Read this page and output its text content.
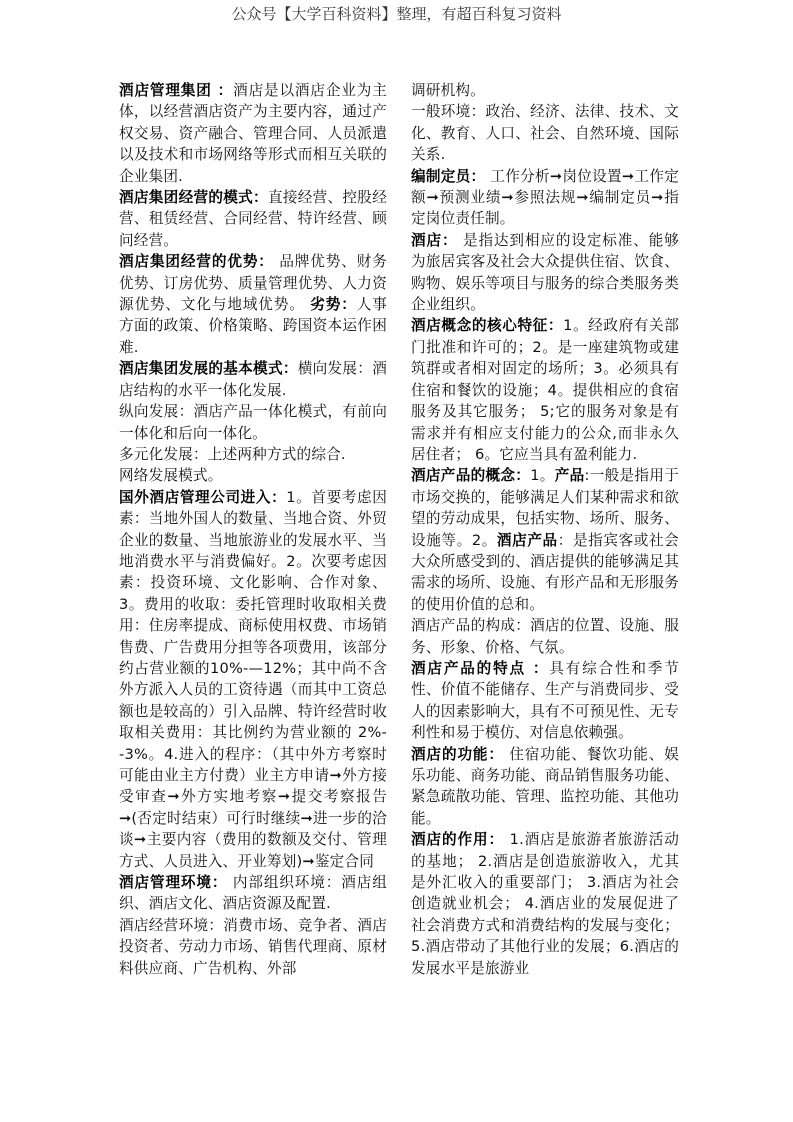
公众号【大学百科资料】整理，有超百科复习资料

酒店管理集团 ：酒店是以酒店企业为主体，以经营酒店资产为主要内容，通过产权交易、资产融合、管理合同、人员派遣以及技术和市场网络等形式而相互关联的企业集团.

酒店集团经营的模式：直接经营、控股经营、租赁经营、合同经营、特许经营、顾问经营。

酒店集团经营的优势： 品牌优势、财务优势、订房优势、质量管理优势、人力资源优势、文化与地域优势。 劣势：人事方面的政策、价格策略、跨国资本运作困难.

酒店集团发展的基本模式：横向发展：酒店结构的水平一体化发展.

纵向发展：酒店产品一体化模式，有前向一体化和后向一体化。

多元化发展：上述两种方式的综合.

网络发展模式。

国外酒店管理公司进入：1。首要考虑因素：当地外国人的数量、当地合资、外贸企业的数量、当地旅游业的发展水平、当地消费水平与消费偏好。2。次要考虑因素：投资环境、文化影响、合作对象、3。费用的收取：委托管理时收取相关费用：住房率提成、商标使用权费、市场销售费、广告费用分担等各项费用，该部分约占营业额的10%-—12%；其中尚不含外方派入人员的工资待遇（而其中工资总额也是较高的）引入品牌、特许经营时收取相关费用：其比例约为营业额的 2%--3%。4.进入的程序：（其中外方考察时可能由业主方付费）业主方申请➞外方接受审查➞外方实地考察➞提交考察报告➞(否定时结束）可行时继续➞进一步的洽谈➞主要内容（费用的数额及交付、管理方式、人员进入、开业筹划)➞鉴定合同

酒店管理环境： 内部组织环境：酒店组织、酒店文化、酒店资源及配置.

酒店经营环境：消费市场、竞争者、酒店投资者、劳动力市场、销售代理商、原材料供应商、广告机构、外部

调研机构。

一般环境：政治、经济、法律、技术、文化、教育、人口、社会、自然环境、国际关系.

编制定员： 工作分析➞岗位设置➞工作定额➞预测业绩➞参照法规➞编制定员➞指定岗位责任制。

酒店： 是指达到相应的设定标准、能够为旅居宾客及社会大众提供住宿、饮食、购物、娱乐等项目与服务的综合类服务类企业组织。

酒店概念的核心特征：1。经政府有关部门批准和许可的；2。是一座建筑物或建筑群或者相对固定的场所；3。必须具有住宿和餐饮的设施；4。提供相应的食宿服务及其它服务； 5;它的服务对象是有需求并有相应支付能力的公众,而非永久居住者； 6。它应当具有盈利能力.

酒店产品的概念：1。产品:一般是指用于市场交换的，能够满足人们某种需求和欲望的劳动成果，包括实物、场所、服务、设施等。2。酒店产品：是指宾客或社会大众所感受到的、酒店提供的能够满足其需求的场所、设施、有形产品和无形服务的使用价值的总和。

酒店产品的构成：酒店的位置、设施、服务、形象、价格、气氛。

酒店产品的特点 ：具有综合性和季节性、价值不能储存、生产与消费同步、受人的因素影响大，具有不可预见性、无专利性和易于模仿、对信息依赖强。

酒店的功能： 住宿功能、餐饮功能、娱乐功能、商务功能、商品销售服务功能、紧急疏散功能、管理、监控功能、其他功能。

酒店的作用： 1.酒店是旅游者旅游活动的基地； 2.酒店是创造旅游收入，尤其是外汇收入的重要部门； 3.酒店为社会创造就业机会； 4.酒店业的发展促进了社会消费方式和消费结构的发展与变化；5.酒店带动了其他行业的发展；6.酒店的发展水平是旅游业
